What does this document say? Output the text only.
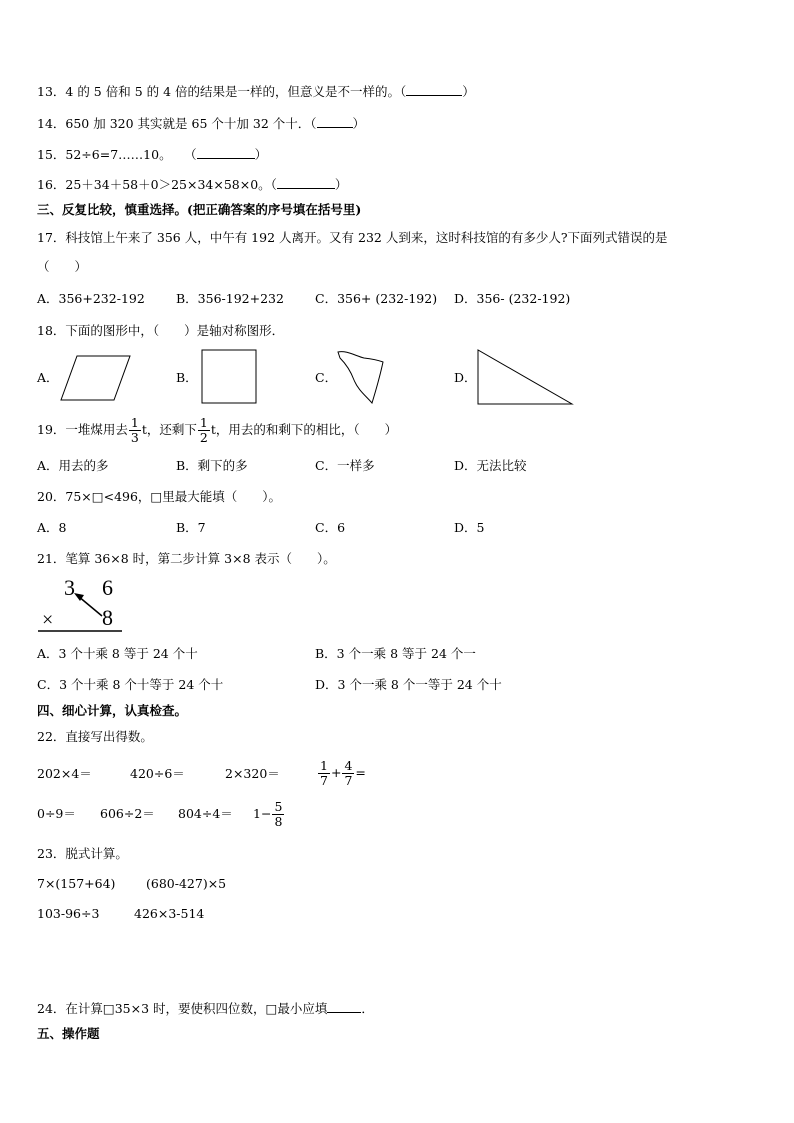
13．4 的 5 倍和 5 的 4 倍的结果是一样的，但意义是不一样的。（	）
14．650 加 320 其实就是 65 个十加 32 个十．（	）
15．52÷6=7……10。　　（	）
16．25＋34＋58＋0＞25×34×58×0。（	）
三、反复比较，慎重选择。(把正确答案的序号填在括号里)
17．科技馆上午来了 356 人，中午有 192 人离开。又有 232 人到来，这时科技馆的有多少人?下面列式错误的是
（　　）
A．356+232-192 B．356-192+232 C．356+ (232-192) D．356- (232-192)
18．下面的图形中，（　　）是轴对称图形．
A．	B．	C．	D．
19．一堆煤用去 $\frac{1}{3}$ t，还剩下 $\frac{1}{2}$ t，用去的和剩下的相比，（　　）
A．用去的多	B．剩下的多	C．一样多	D．无法比较
20．75×□<496，□里最大能填（　　）。
A．8	B．7	C．6	D．5
21．笔算 36×8 时，第二步计算 3×8 表示（　　）。
3 6
× 8
A．3 个十乘 8 等于 24 个十	B．3 个一乘 8 等于 24 个一
C．3 个十乘 8 个十等于 24 个十	D．3 个一乘 8 个一等于 24 个十
四、细心计算，认真检查。
22．直接写出得数。
202×4＝	420÷6＝	2×320＝	$\frac{1}{7} + \frac{4}{7}$ =
$0\div 9= 606\div 2= 804\div 4= 1- \frac{5}{8}$
23．脱式计算。
7×(157+64) (680-427)×5
103-96÷3	426×3-514
24．在计算□35×3 时，要使积四位数，□最小应填	．
五、操作题
